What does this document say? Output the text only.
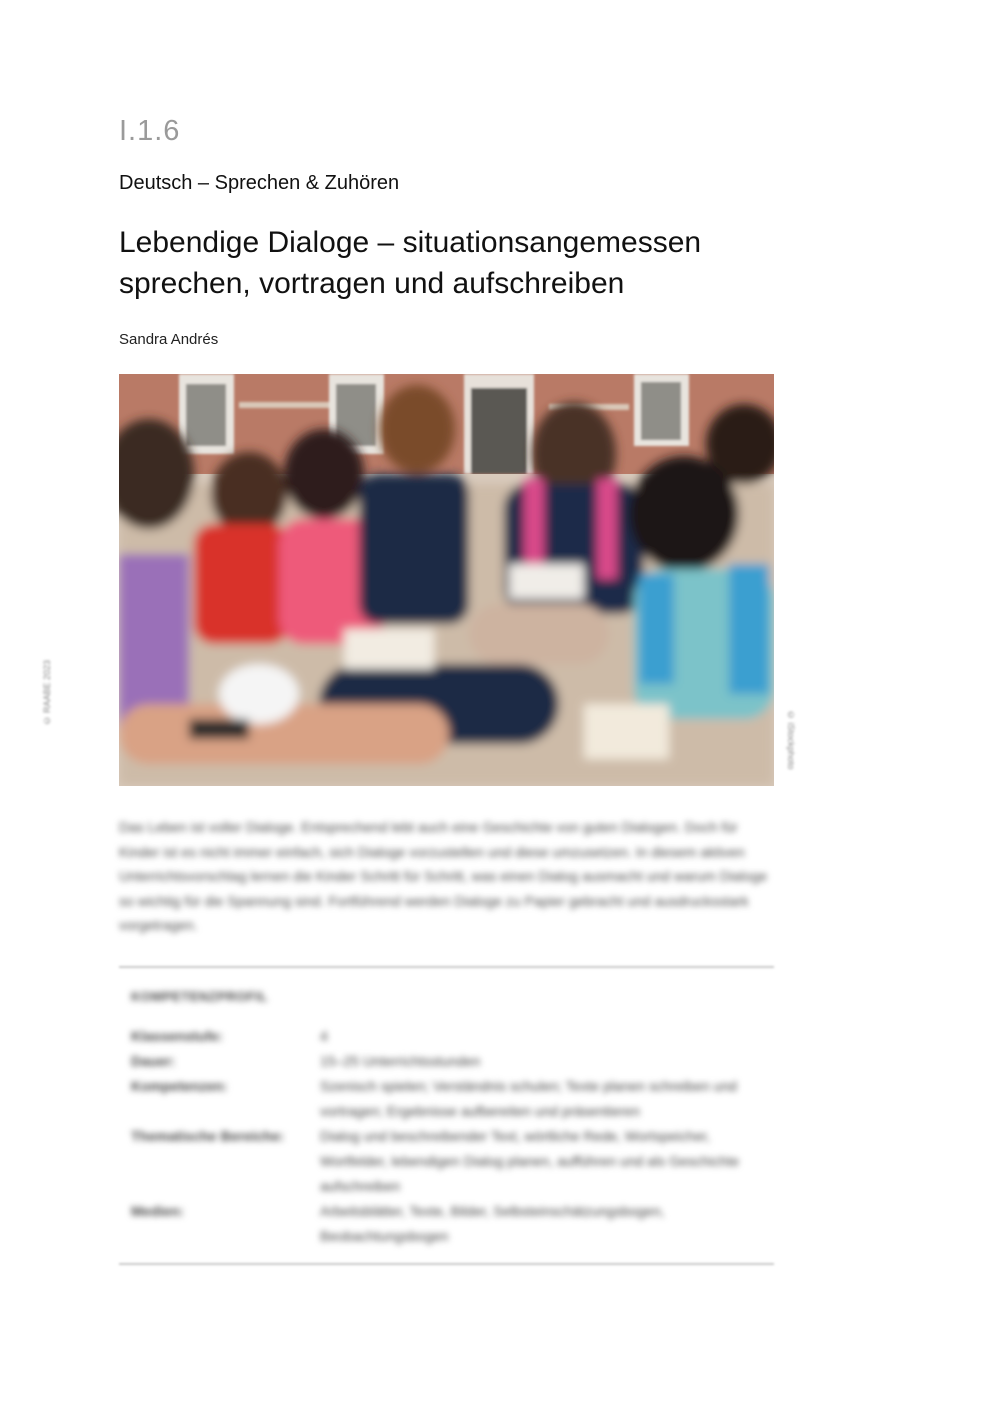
I.1.6
Deutsch – Sprechen & Zuhören
Lebendige Dialoge – situationsangemessen sprechen, vortragen und aufschreiben
Sandra Andrés
© RAABE 2023
© iStockphoto
Das Leben ist voller Dialoge. Entsprechend lebt auch eine Geschichte von guten Dialogen. Doch für Kinder ist es nicht immer einfach, sich Dialoge vorzustellen und diese umzusetzen. In diesem aktiven Unterrichtsvorschlag lernen die Kinder Schritt für Schritt, was einen Dialog ausmacht und warum Dialoge so wichtig für die Spannung sind. Fortführend werden Dialoge zu Papier gebracht und ausdrucksstark vorgetragen.
KOMPETENZPROFIL
Klassenstufe:	4
Dauer:	15–25 Unterrichtsstunden
Kompetenzen:	Szenisch spielen; Verständnis schulen; Texte planen schreiben und vortragen; Ergebnisse aufbereiten und präsentieren
Thematische Bereiche:	Dialog und beschreibender Text, wörtliche Rede, Wortspeicher, Wortfelder, lebendigen Dialog planen, aufführen und als Geschichte aufschreiben
Medien:	Arbeitsblätter, Texte, Bilder, Selbsteinschätzungsbogen, Beobachtungsbogen
